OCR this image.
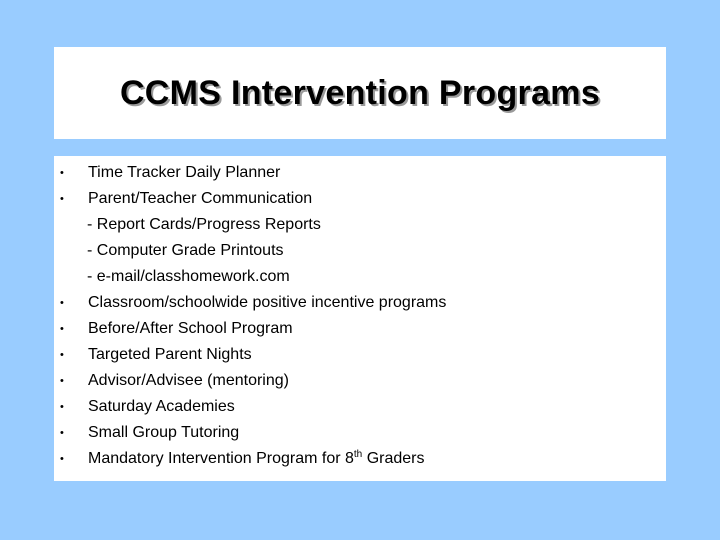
CCMS Intervention Programs
• Time Tracker Daily Planner
• Parent/Teacher Communication
- Report Cards/Progress Reports
- Computer Grade Printouts
- e-mail/classhomework.com
• Classroom/schoolwide positive incentive programs
• Before/After School Program
• Targeted Parent Nights
• Advisor/Advisee (mentoring)
• Saturday Academies
• Small Group Tutoring
• Mandatory Intervention Program for 8th Graders
